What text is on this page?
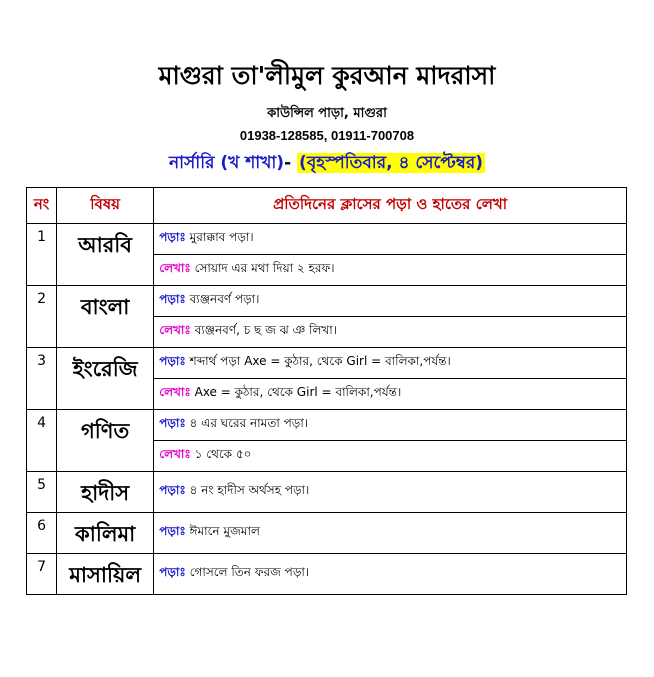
মাগুরা তা'লীমুল কুরআন মাদরাসা
কাউন্সিল পাড়া, মাগুরা
01938-128585, 01911-700708
নার্সারি (খ শাখা)- (বৃহস্পতিবার, ৪ সেপ্টেম্বর)
নং	বিষয়	প্রতিদিনের ক্লাসের পড়া ও হাতের লেখা
1	আরবি	পড়াঃ মুরাক্কাব পড়া।
		লেখাঃ সোয়াদ এর মথা দিয়া ২ হরফ।
2	বাংলা	পড়াঃ ব্যঞ্জনবর্ণ পড়া।
		লেখাঃ ব্যঞ্জনবর্ণ, চ ছ জ ঝ ঞ লিখা।
3	ইংরেজি	পড়াঃ শব্দার্থ পড়া Axe = কুঠার, থেকে Girl = বালিকা,পর্যন্ত।
		লেখাঃ Axe = কুঠার, থেকে Girl = বালিকা,পর্যন্ত।
4	গণিত	পড়াঃ ৪ এর ঘরের নামতা পড়া।
		লেখাঃ ১ থেকে ৫০
5	হাদীস	পড়াঃ ৪ নং হাদীস অর্থসহ পড়া।
6	কালিমা	পড়াঃ ঈমানে মুজমাল
7	মাসায়িল	পড়াঃ গোসলে তিন ফরজ পড়া।
